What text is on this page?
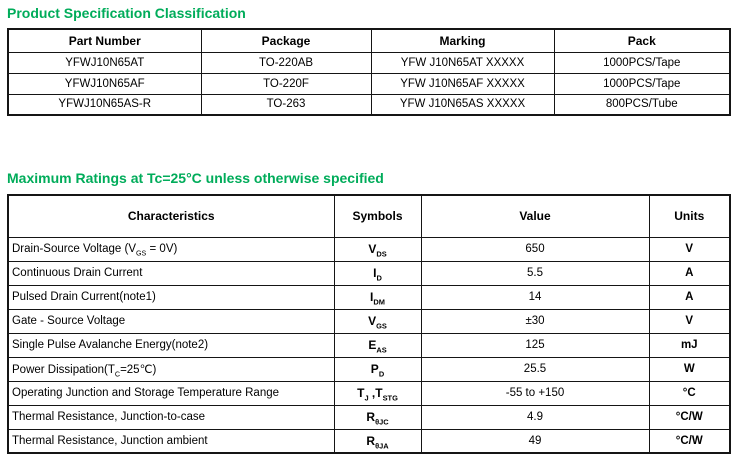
Product Specification Classification
Part Number	Package	Marking	Pack
YFWJ10N65AT	TO-220AB	YFW J10N65AT XXXXX	1000PCS/Tape
YFWJ10N65AF	TO-220F	YFW J10N65AF XXXXX	1000PCS/Tape
YFWJ10N65AS-R	TO-263	YFW J10N65AS XXXXX	800PCS/Tube
Maximum Ratings at Tc=25°C unless otherwise specified
Characteristics	Symbols	Value	Units
Drain-Source Voltage $(V_{GS} = 0V)$	$V_{DS}$	650	V
Continuous Drain Current	$I_D$	5.5	A
Pulsed Drain Current(note1)	$I_{DM}$	14	A
Gate - Source Voltage	$V_{GS}$	±30	V
Single Pulse Avalanche Energy(note2)	$E_{AS}$	125	mJ
Power $Dissipation(T_C=25℃)$	$P_D$	25.5	W
Operating Junction and Storage Temperature Range	$T_J$ $,T_{STG}$	-55 to +150	°C
Thermal Resistance, Junction-to-case	$R_{\theta JC}$	4.9	°C/W
Thermal Resistance, Junction ambient	$R_{\theta JA}$	49	°C/W
